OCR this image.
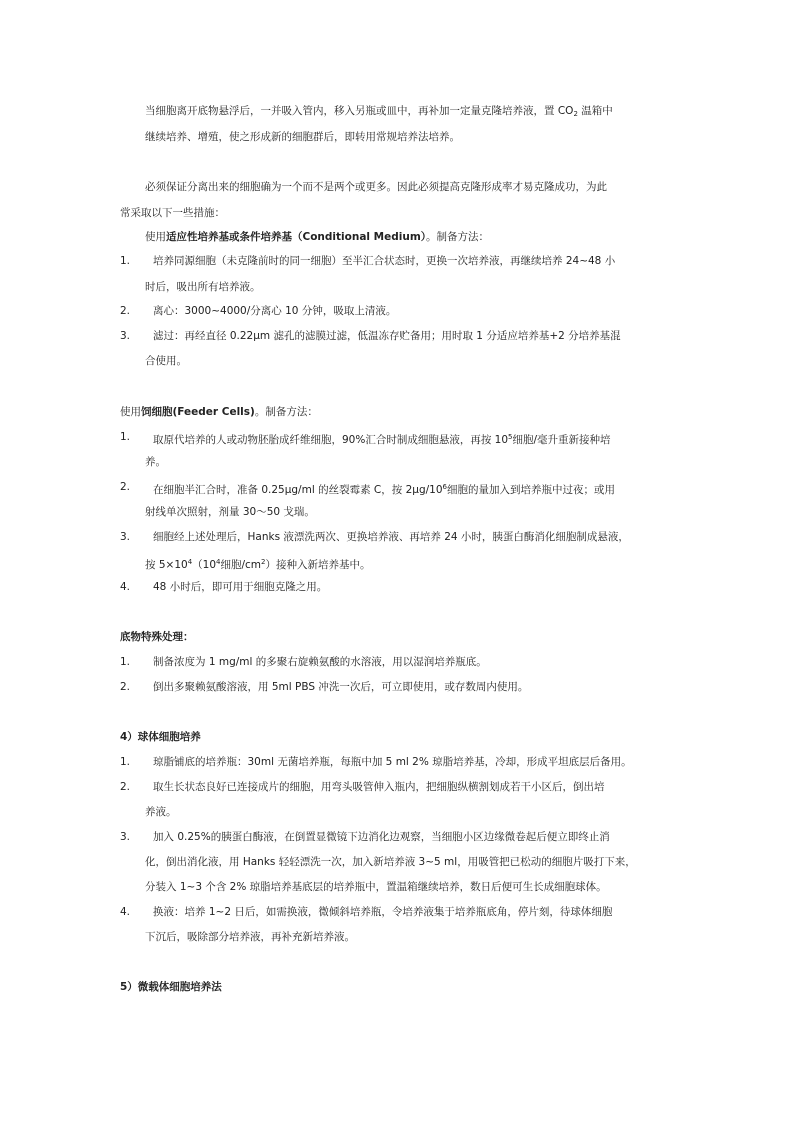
当细胞离开底物悬浮后，一并吸入管内，移入另瓶或皿中，再补加一定量克隆培养液，置 $CO_2$ 温箱中
继续培养、增殖，使之形成新的细胞群后，即转用常规培养法培养。
必须保证分离出来的细胞确为一个而不是两个或更多。因此必须提高克隆形成率才易克隆成功，为此
常采取以下一些措施：
使用适应性培养基或条件培养基（Conditional Medium）。制备方法：
1. 培养同源细胞（未克隆前时的同一细胞）至半汇合状态时，更换一次培养液，再继续培养 24~48 小
时后，吸出所有培养液。
2. 离心：3000~4000/分离心 10 分钟，吸取上清液。
3. 滤过：再经直径 0.22μm 滤孔的滤膜过滤，低温冻存贮备用；用时取 1 分适应培养基+2 分培养基混
合使用。
使用饲细胞(Feeder Cells)。制备方法：
1. 取原代培养的人或动物胚胎成纤维细胞，90%汇合时制成细胞悬液，再按 $10^5$细胞/毫升重新接种培
养。
2. 在细胞半汇合时，准备 0.25μg/ml 的丝裂霉素 C，按 $2\mu g/10^6$细胞的量加入到培养瓶中过夜；或用
射线单次照射，剂量 30～50 戈瑞。
3. 细胞经上述处理后，Hanks 液漂洗两次、更换培养液、再培养 24 小时，胰蛋白酶消化细胞制成悬液，
按 $5\times 10^4(10^4$细胞$/cm^2$）接种入新培养基中。
4. 48 小时后，即可用于细胞克隆之用。
底物特殊处理：
1. 制备浓度为 1 mg/ml 的多聚右旋赖氨酸的水溶液，用以湿润培养瓶底。
2. 倒出多聚赖氨酸溶液，用 5ml PBS 冲洗一次后，可立即使用，或存数周内使用。
4）球体细胞培养
1. 琼脂铺底的培养瓶：30ml 无菌培养瓶，每瓶中加 5 ml 2% 琼脂培养基，冷却，形成平坦底层后备用。
2. 取生长状态良好已连接成片的细胞，用弯头吸管伸入瓶内，把细胞纵横割划成若干小区后，倒出培
养液。
3. 加入 0.25%的胰蛋白酶液，在倒置显微镜下边消化边观察，当细胞小区边缘微卷起后便立即终止消
化，倒出消化液，用 Hanks 轻轻漂洗一次，加入新培养液 3~5 ml，用吸管把已松动的细胞片吸打下来，
分装入 1~3 个含 2% 琼脂培养基底层的培养瓶中，置温箱继续培养，数日后便可生长成细胞球体。
4. 换液：培养 1~2 日后，如需换液，微倾斜培养瓶，令培养液集于培养瓶底角，停片刻，待球体细胞
下沉后，吸除部分培养液，再补充新培养液。
5）微载体细胞培养法
